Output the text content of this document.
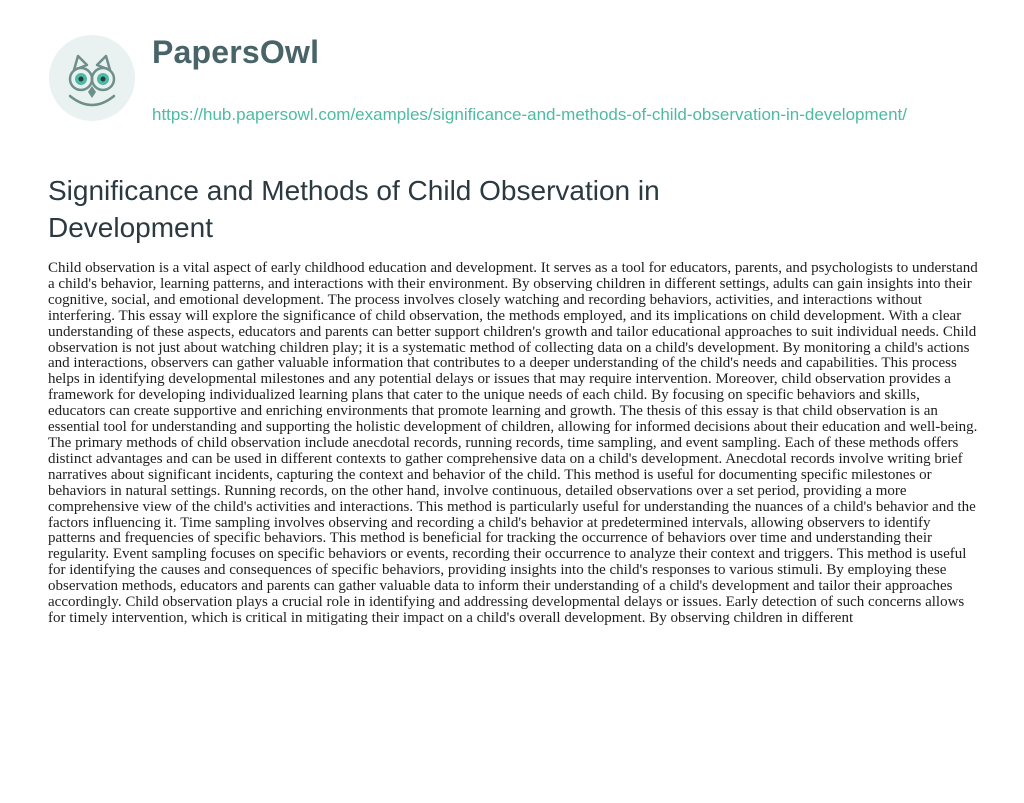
PapersOwl
https://hub.papersowl.com/examples/significance-and-methods-of-child-observation-in-development/
Significance and Methods of Child Observation in Development

Child observation is a vital aspect of early childhood education and development. It serves as a tool for educators, parents, and psychologists to understand a child's behavior, learning patterns, and interactions with their environment. By observing children in different settings, adults can gain insights into their cognitive, social, and emotional development. The process involves closely watching and recording behaviors, activities, and interactions without interfering. This essay will explore the significance of child observation, the methods employed, and its implications on child development. With a clear understanding of these aspects, educators and parents can better support children's growth and tailor educational approaches to suit individual needs. Child observation is not just about watching children play; it is a systematic method of collecting data on a child's development. By monitoring a child's actions and interactions, observers can gather valuable information that contributes to a deeper understanding of the child's needs and capabilities. This process helps in identifying developmental milestones and any potential delays or issues that may require intervention. Moreover, child observation provides a framework for developing individualized learning plans that cater to the unique needs of each child. By focusing on specific behaviors and skills, educators can create supportive and enriching environments that promote learning and growth. The thesis of this essay is that child observation is an essential tool for understanding and supporting the holistic development of children, allowing for informed decisions about their education and well-being. The primary methods of child observation include anecdotal records, running records, time sampling, and event sampling. Each of these methods offers distinct advantages and can be used in different contexts to gather comprehensive data on a child's development. Anecdotal records involve writing brief narratives about significant incidents, capturing the context and behavior of the child. This method is useful for documenting specific milestones or behaviors in natural settings. Running records, on the other hand, involve continuous, detailed observations over a set period, providing a more comprehensive view of the child's activities and interactions. This method is particularly useful for understanding the nuances of a child's behavior and the factors influencing it. Time sampling involves observing and recording a child's behavior at predetermined intervals, allowing observers to identify patterns and frequencies of specific behaviors. This method is beneficial for tracking the occurrence of behaviors over time and understanding their regularity. Event sampling focuses on specific behaviors or events, recording their occurrence to analyze their context and triggers. This method is useful for identifying the causes and consequences of specific behaviors, providing insights into the child's responses to various stimuli. By employing these observation methods, educators and parents can gather valuable data to inform their understanding of a child's development and tailor their approaches accordingly. Child observation plays a crucial role in identifying and addressing developmental delays or issues. Early detection of such concerns allows for timely intervention, which is critical in mitigating their impact on a child's overall development. By observing children in different
